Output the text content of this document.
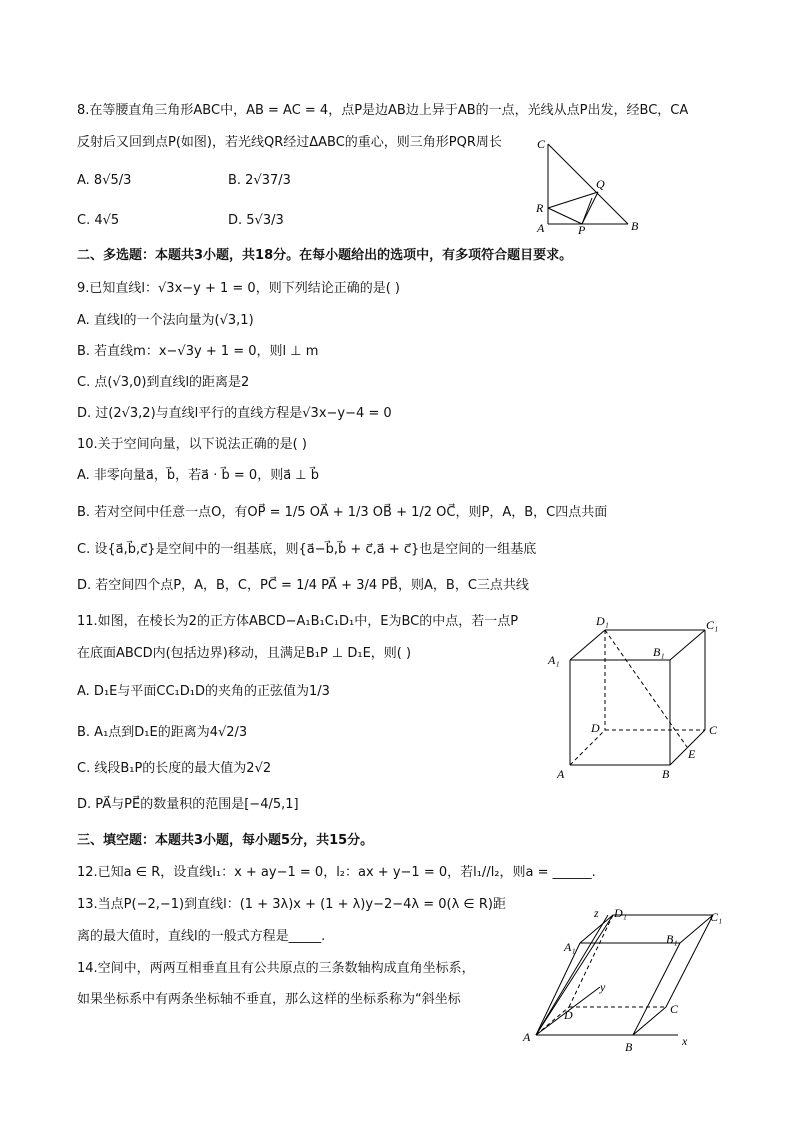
8.在等腰直角三角形ABC中，AB = AC = 4，点P是边AB边上异于AB的一点，光线从点P出发，经BC，CA
反射后又回到点P(如图)，若光线QR经过ΔABC的重心，则三角形PQR周长
A. 8√5/3	B. 2√37/3
C. 4√5	D. 5√3/3
C
Q
R
A	P	B
二、多选题：本题共3小题，共18分。在每小题给出的选项中，有多项符合题目要求。
9.已知直线l：√3x−y + 1 = 0，则下列结论正确的是( )
A. 直线l的一个法向量为(√3,1)
B. 若直线m：x−√3y + 1 = 0，则l ⊥ m
C. 点(√3,0)到直线l的距离是2
D. 过(2√3,2)与直线l平行的直线方程是√3x−y−4 = 0
10.关于空间向量，以下说法正确的是( )
A. 非零向量a⃗，b⃗，若a⃗ · b⃗ = 0，则a⃗ ⊥ b⃗
B. 若对空间中任意一点O，有OP⃗ = 1/5 OA⃗ + 1/3 OB⃗ + 1/2 OC⃗，则P，A，B，C四点共面
C. 设{a⃗,b⃗,c⃗}是空间中的一组基底，则{a⃗−b⃗,b⃗ + c⃗,a⃗ + c⃗}也是空间的一组基底
D. 若空间四个点P，A，B，C，PC⃗ = 1/4 PA⃗ + 3/4 PB⃗，则A，B，C三点共线
11.如图，在棱长为2的正方体ABCD−A₁B₁C₁D₁中，E为BC的中点，若一点P
在底面ABCD内(包括边界)移动，且满足B₁P ⊥ D₁E，则( )
A. D₁E与平面CC₁D₁D的夹角的正弦值为1/3
B. A₁点到D₁E的距离为4√2/3
C. 线段B₁P的长度的最大值为2√2
D. PA⃗与PE⃗的数量积的范围是[−4/5,1]
D₁	C₁
A₁
B₁
D	C
E
A	B
三、填空题：本题共3小题，每小题5分，共15分。
12.已知a ∈ R，设直线l₁：x + ay−1 = 0，l₂：ax + y−1 = 0，若l₁//l₂，则a = ______.
13.当点P(−2,−1)到直线l：(1 + 3λ)x + (1 + λ)y−2−4λ = 0(λ ∈ R)距
离的最大值时，直线l的一般式方程是_____.
14.空间中，两两互相垂直且有公共原点的三条数轴构成直角坐标系，
如果坐标系中有两条坐标轴不垂直，那么这样的坐标系称为“斜坐标
z D₁	C₁
A₁
B₁
y
C
D
A
B	x
